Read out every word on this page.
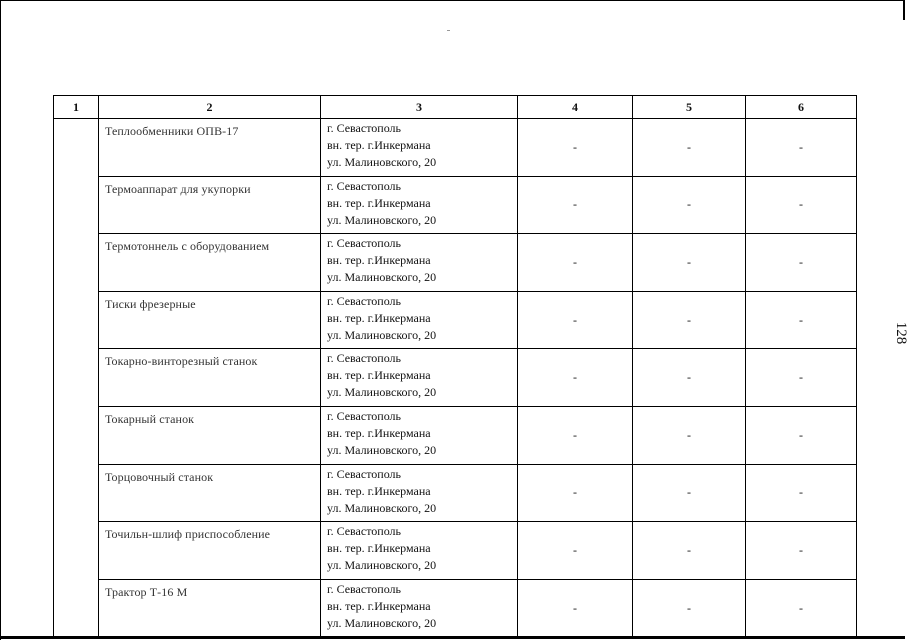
128
1	2	3	4	5	6
	Теплообменники ОПВ-17	г. Севастополь
вн. тер. г.Инкермана
ул. Малиновского, 20	-	-	-
	Термоаппарат для укупорки	г. Севастополь
вн. тер. г.Инкермана
ул. Малиновского, 20	-	-	-
	Термотоннель с оборудованием	г. Севастополь
вн. тер. г.Инкермана
ул. Малиновского, 20	-	-	-
	Тиски фрезерные	г. Севастополь
вн. тер. г.Инкермана
ул. Малиновского, 20	-	-	-
	Токарно-винторезный станок	г. Севастополь
вн. тер. г.Инкермана
ул. Малиновского, 20	-	-	-
	Токарный станок	г. Севастополь
вн. тер. г.Инкермана
ул. Малиновского, 20	-	-	-
	Торцовочный станок	г. Севастополь
вн. тер. г.Инкермана
ул. Малиновского, 20	-	-	-
	Точильн-шлиф приспособление	г. Севастополь
вн. тер. г.Инкермана
ул. Малиновского, 20	-	-	-
	Трактор Т-16 М	г. Севастополь
вн. тер. г.Инкермана
ул. Малиновского, 20	-	-	-
